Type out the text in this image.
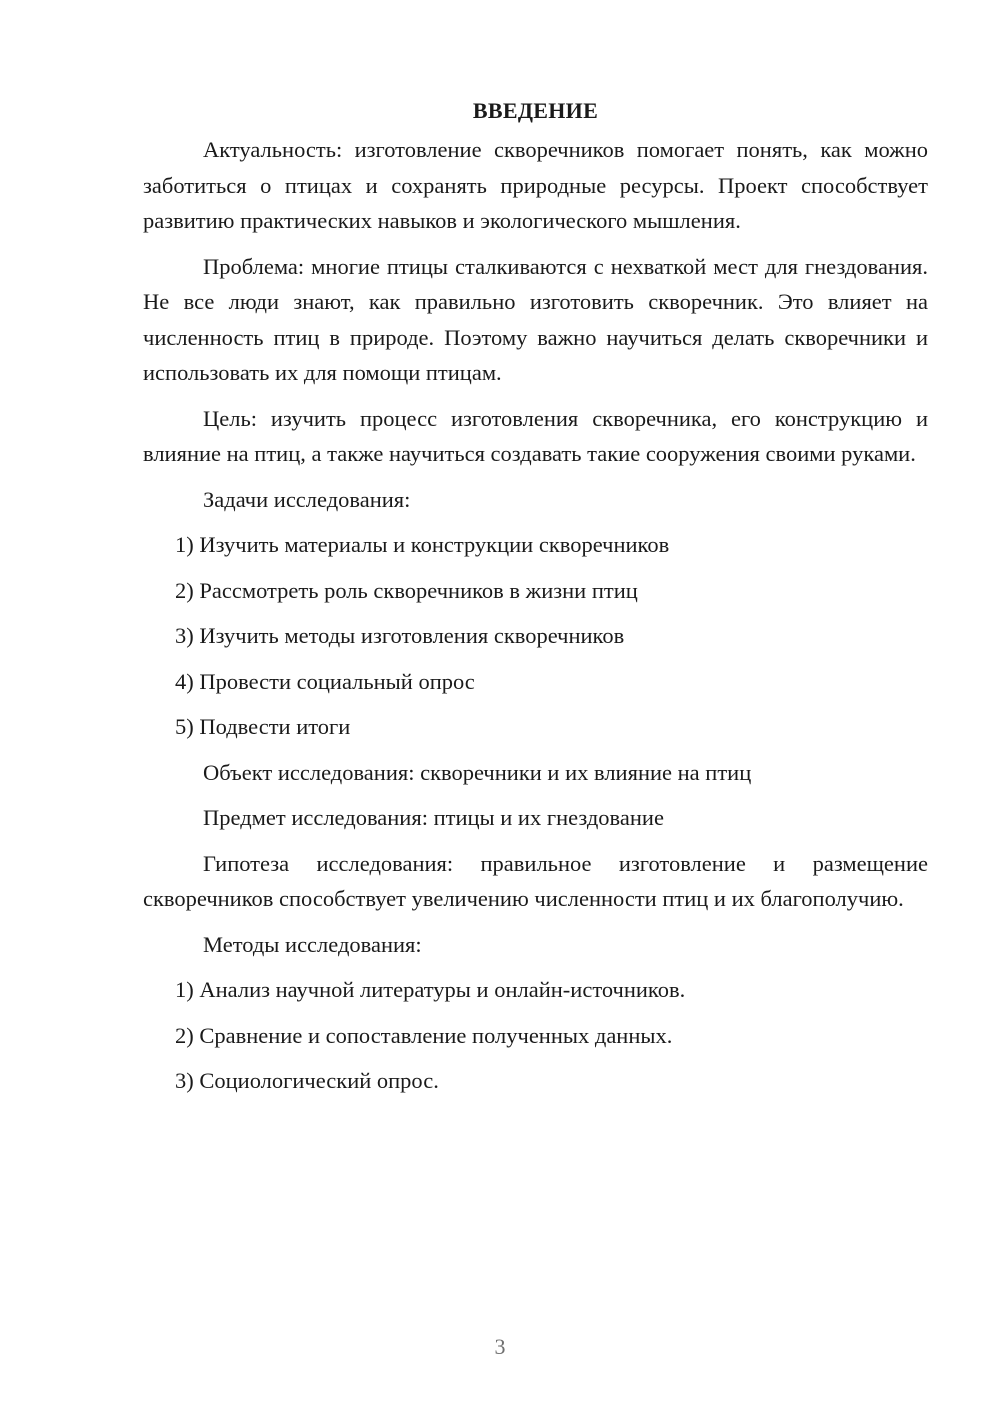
ВВЕДЕНИЕ

Актуальность: изготовление скворечников помогает понять, как можно заботиться о птицах и сохранять природные ресурсы. Проект способствует развитию практических навыков и экологического мышления.

Проблема: многие птицы сталкиваются с нехваткой мест для гнездования. Не все люди знают, как правильно изготовить скворечник. Это влияет на численность птиц в природе. Поэтому важно научиться делать скворечники и использовать их для помощи птицам.

Цель: изучить процесс изготовления скворечника, его конструкцию и влияние на птиц, а также научиться создавать такие сооружения своими руками.

Задачи исследования:
1) Изучить материалы и конструкции скворечников
2) Рассмотреть роль скворечников в жизни птиц
3) Изучить методы изготовления скворечников
4) Провести социальный опрос
5) Подвести итоги
Объект исследования: скворечники и их влияние на птиц
Предмет исследования: птицы и их гнездование

Гипотеза исследования: правильное изготовление и размещение скворечников способствует увеличению численности птиц и их благополучию.

Методы исследования:
1) Анализ научной литературы и онлайн-источников.
2) Сравнение и сопоставление полученных данных.
3) Социологический опрос.
3
